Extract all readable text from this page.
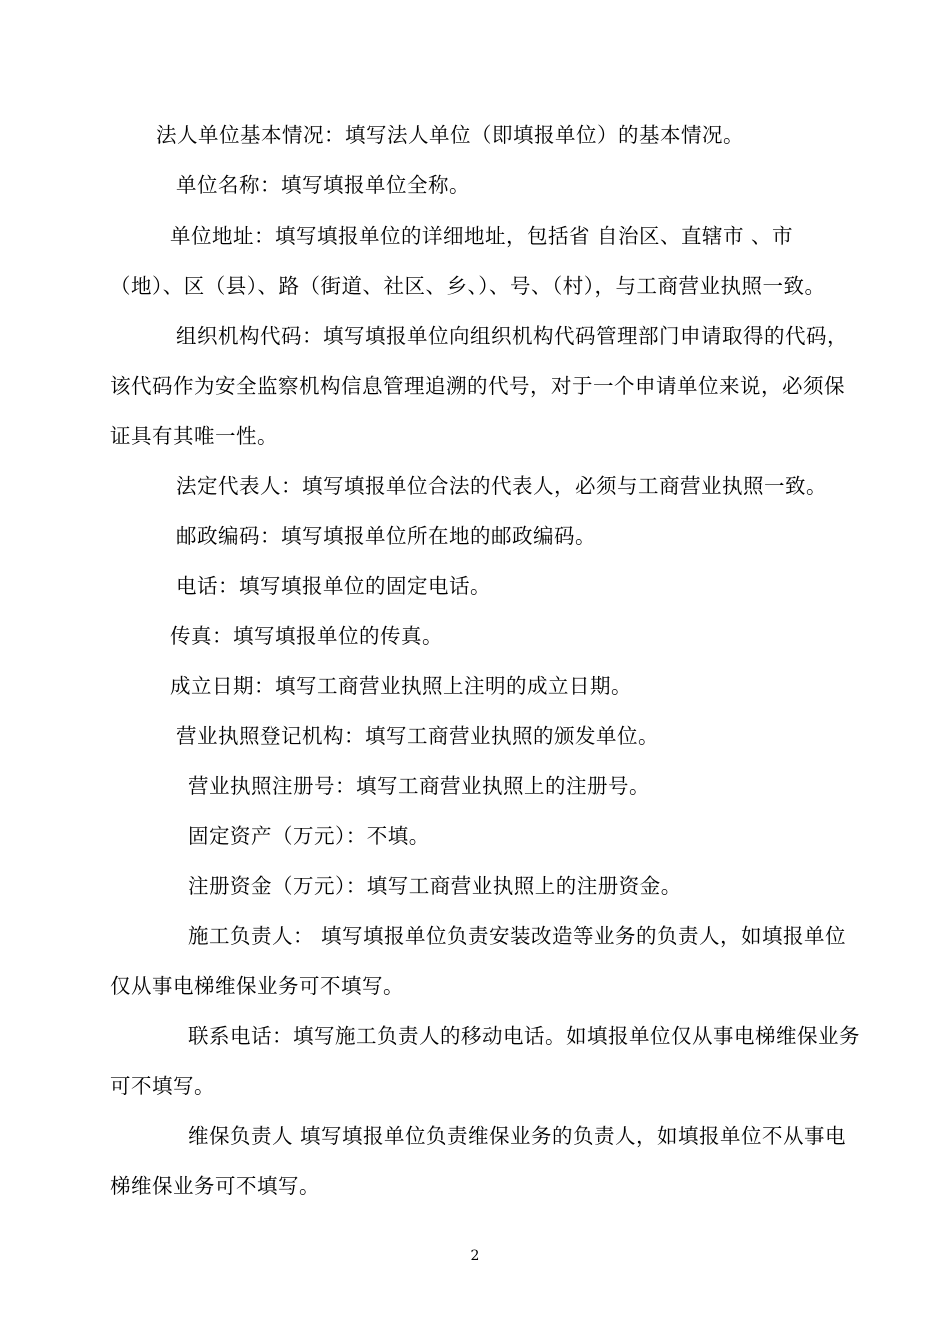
法人单位基本情况：填写法人单位（即填报单位）的基本情况。

单位名称：填写填报单位全称。

单位地址：填写填报单位的详细地址，包括省 自治区、直辖市 、市（地）、区（县）、路（街道、社区、乡、）、号、（村），与工商营业执照一致。

组织机构代码：填写填报单位向组织机构代码管理部门申请取得的代码，该代码作为安全监察机构信息管理追溯的代号，对于一个申请单位来说，必须保证具有其唯一性。

法定代表人：填写填报单位合法的代表人，必须与工商营业执照一致。

邮政编码：填写填报单位所在地的邮政编码。

电话：填写填报单位的固定电话。

传真：填写填报单位的传真。

成立日期：填写工商营业执照上注明的成立日期。

营业执照登记机构：填写工商营业执照的颁发单位。

营业执照注册号：填写工商营业执照上的注册号。

固定资产（万元）：不填。

注册资金（万元）：填写工商营业执照上的注册资金。

施工负责人： 填写填报单位负责安装改造等业务的负责人，如填报单位仅从事电梯维保业务可不填写。

联系电话：填写施工负责人的移动电话。如填报单位仅从事电梯维保业务可不填写。

维保负责人 填写填报单位负责维保业务的负责人，如填报单位不从事电梯维保业务可不填写。

2
